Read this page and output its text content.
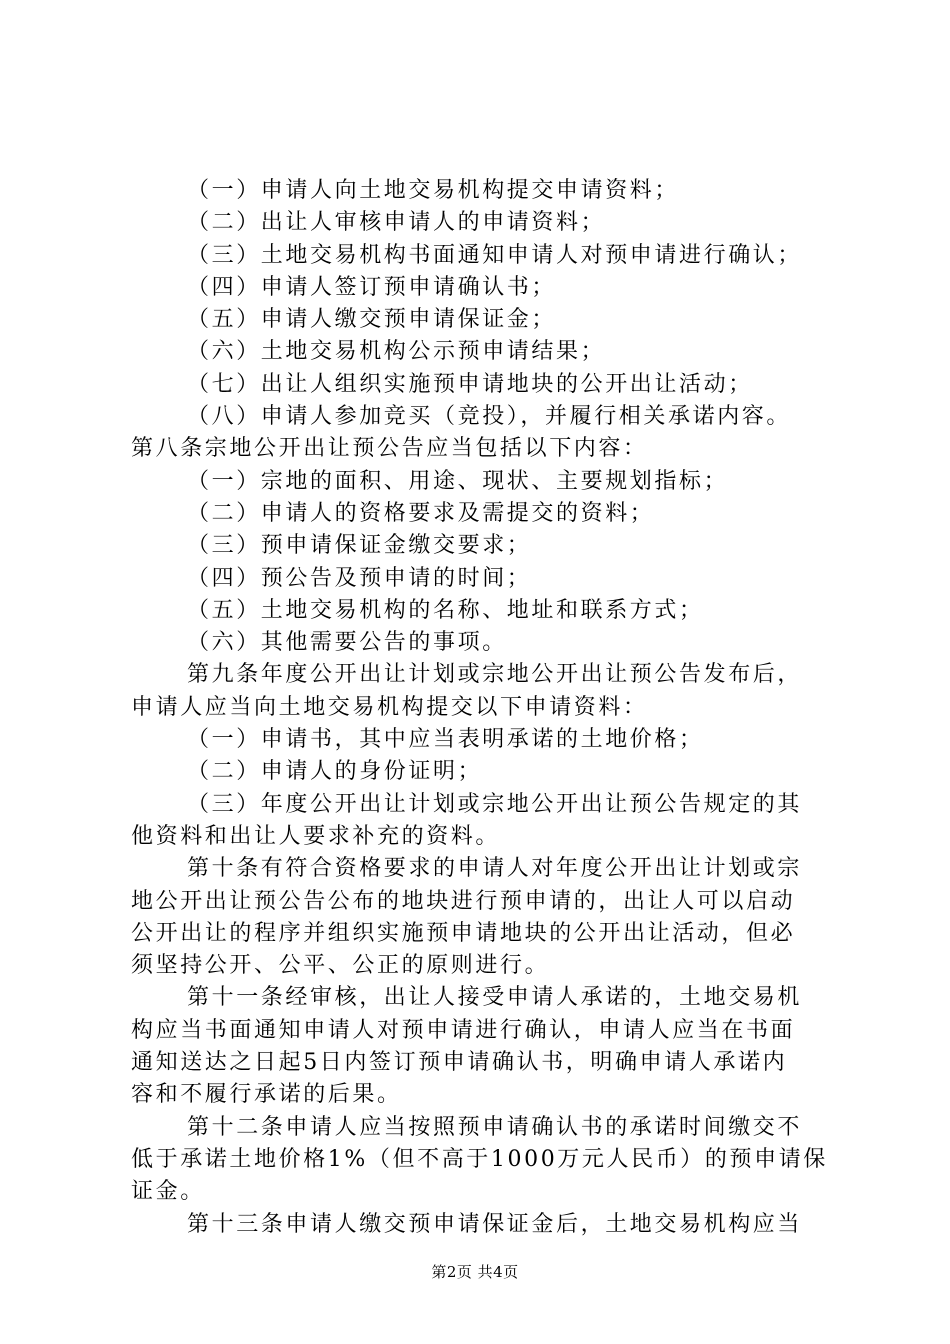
（一）申请人向土地交易机构提交申请资料；
（二）出让人审核申请人的申请资料；
（三）土地交易机构书面通知申请人对预申请进行确认；
（四）申请人签订预申请确认书；
（五）申请人缴交预申请保证金；
（六）土地交易机构公示预申请结果；
（七）出让人组织实施预申请地块的公开出让活动；
（八）申请人参加竞买（竞投），并履行相关承诺内容。
第八条宗地公开出让预公告应当包括以下内容：
（一）宗地的面积、用途、现状、主要规划指标；
（二）申请人的资格要求及需提交的资料；
（三）预申请保证金缴交要求；
（四）预公告及预申请的时间；
（五）土地交易机构的名称、地址和联系方式；
（六）其他需要公告的事项。
第九条年度公开出让计划或宗地公开出让预公告发布后，
申请人应当向土地交易机构提交以下申请资料：
（一）申请书，其中应当表明承诺的土地价格；
（二）申请人的身份证明；
（三）年度公开出让计划或宗地公开出让预公告规定的其
他资料和出让人要求补充的资料。
第十条有符合资格要求的申请人对年度公开出让计划或宗
地公开出让预公告公布的地块进行预申请的，出让人可以启动
公开出让的程序并组织实施预申请地块的公开出让活动，但必
须坚持公开、公平、公正的原则进行。
第十一条经审核，出让人接受申请人承诺的，土地交易机
构应当书面通知申请人对预申请进行确认，申请人应当在书面
通知送达之日起5日内签订预申请确认书，明确申请人承诺内
容和不履行承诺的后果。
第十二条申请人应当按照预申请确认书的承诺时间缴交不
低于承诺土地价格1%（但不高于1000万元人民币）的预申请保
证金。
第十三条申请人缴交预申请保证金后，土地交易机构应当
第2页 共4页
